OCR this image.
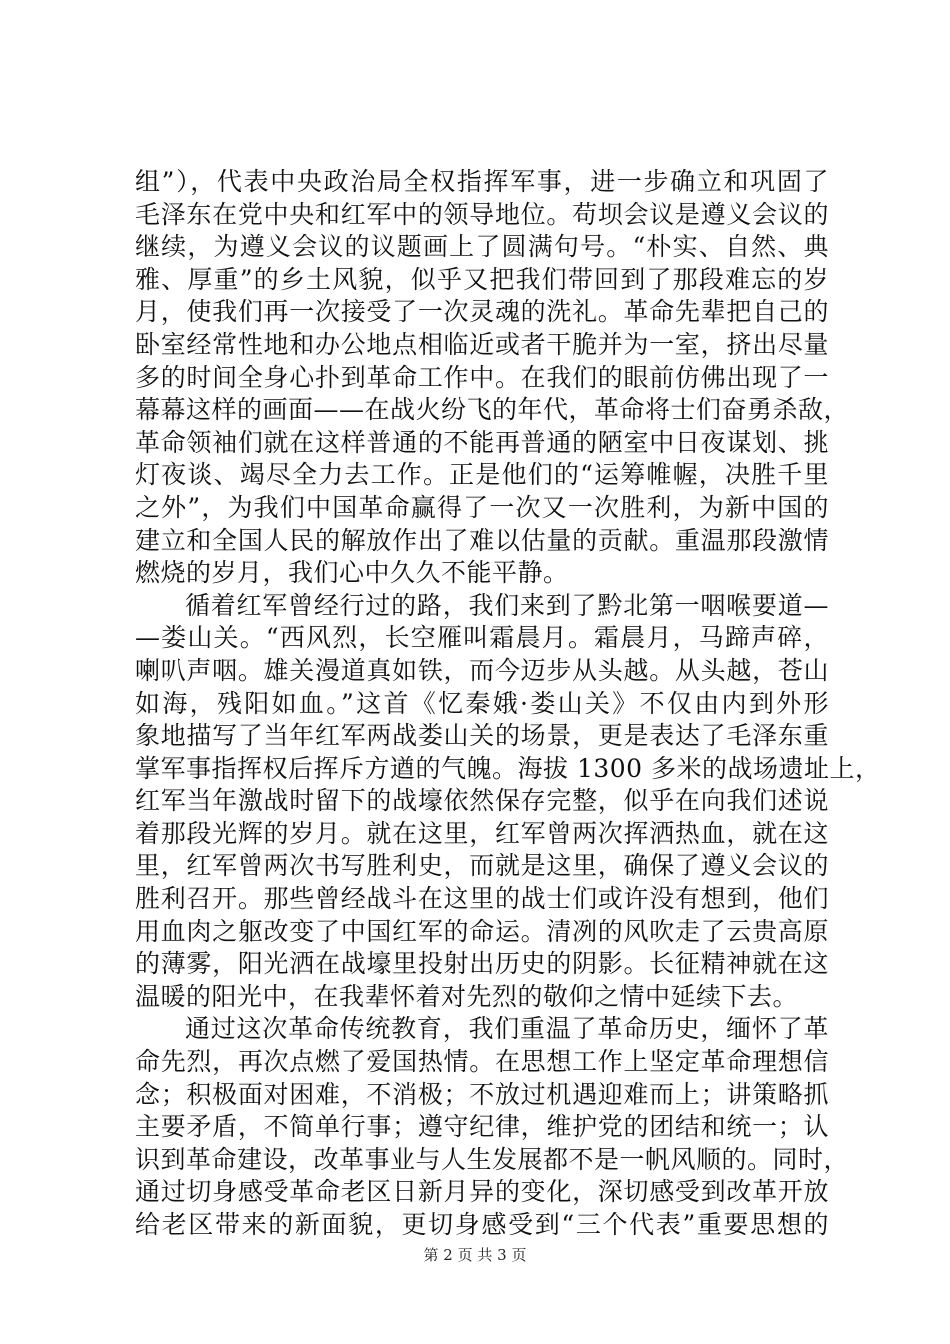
组”），代表中央政治局全权指挥军事，进一步确立和巩固了
毛泽东在党中央和红军中的领导地位。苟坝会议是遵义会议的
继续，为遵义会议的议题画上了圆满句号。“朴实、自然、典
雅、厚重”的乡土风貌，似乎又把我们带回到了那段难忘的岁
月，使我们再一次接受了一次灵魂的洗礼。革命先辈把自己的
卧室经常性地和办公地点相临近或者干脆并为一室，挤出尽量
多的时间全身心扑到革命工作中。在我们的眼前仿佛出现了一
幕幕这样的画面——在战火纷飞的年代，革命将士们奋勇杀敌，
革命领袖们就在这样普通的不能再普通的陋室中日夜谋划、挑
灯夜谈、竭尽全力去工作。正是他们的“运筹帷幄，决胜千里
之外”，为我们中国革命赢得了一次又一次胜利，为新中国的
建立和全国人民的解放作出了难以估量的贡献。重温那段激情
燃烧的岁月，我们心中久久不能平静。
循着红军曾经行过的路，我们来到了黔北第一咽喉要道—
—娄山关。“西风烈，长空雁叫霜晨月。霜晨月，马蹄声碎，
喇叭声咽。雄关漫道真如铁，而今迈步从头越。从头越，苍山
如海，残阳如血。”这首《忆秦娥·娄山关》不仅由内到外形
象地描写了当年红军两战娄山关的场景，更是表达了毛泽东重
掌军事指挥权后挥斥方遒的气魄。海拔 1300 多米的战场遗址上，
红军当年激战时留下的战壕依然保存完整，似乎在向我们述说
着那段光辉的岁月。就在这里，红军曾两次挥洒热血，就在这
里，红军曾两次书写胜利史，而就是这里，确保了遵义会议的
胜利召开。那些曾经战斗在这里的战士们或许没有想到，他们
用血肉之躯改变了中国红军的命运。清冽的风吹走了云贵高原
的薄雾，阳光洒在战壕里投射出历史的阴影。长征精神就在这
温暖的阳光中，在我辈怀着对先烈的敬仰之情中延续下去。
通过这次革命传统教育，我们重温了革命历史，缅怀了革
命先烈，再次点燃了爱国热情。在思想工作上坚定革命理想信
念；积极面对困难，不消极；不放过机遇迎难而上；讲策略抓
主要矛盾，不简单行事；遵守纪律，维护党的团结和统一；认
识到革命建设，改革事业与人生发展都不是一帆风顺的。同时，
通过切身感受革命老区日新月异的变化，深切感受到改革开放
给老区带来的新面貌，更切身感受到“三个代表”重要思想的
第 2 页 共 3 页
